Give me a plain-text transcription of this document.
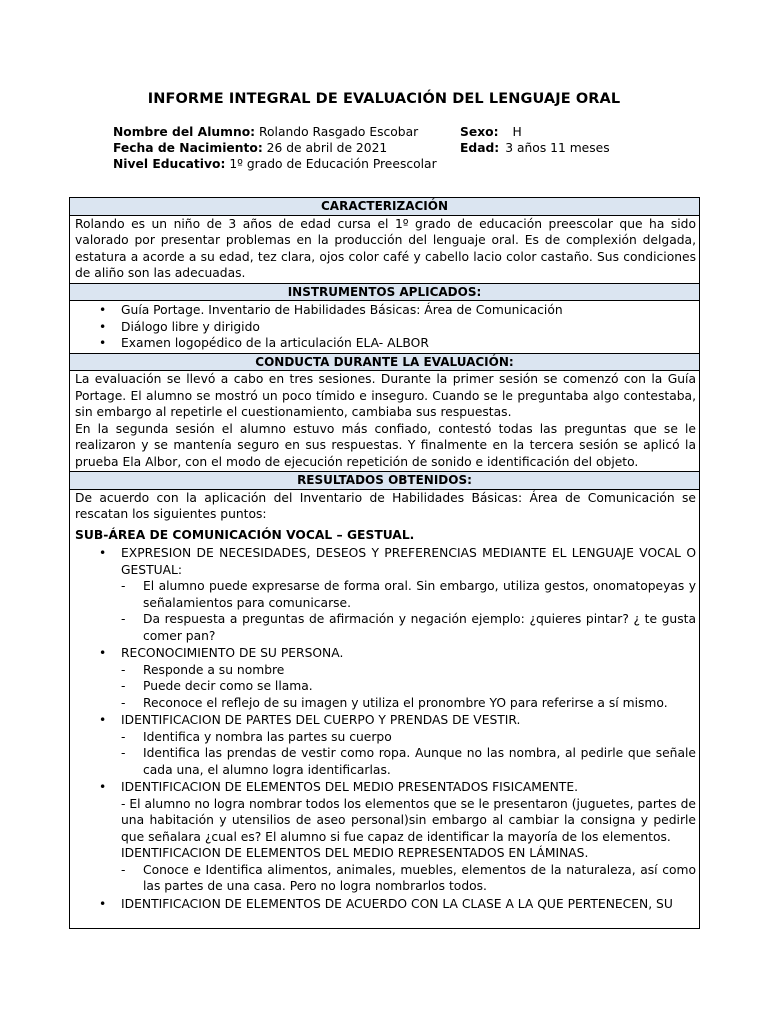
INFORME INTEGRAL DE EVALUACIÓN DEL LENGUAJE ORAL
Nombre del Alumno: Rolando Rasgado Escobar
Fecha de Nacimiento: 26 de abril de 2021
Nivel Educativo: 1º grado de Educación Preescolar
Sexo: H
Edad: 3 años 11 meses
CARACTERIZACIÓN

Rolando es un niño de 3 años de edad cursa el 1º grado de educación preescolar que ha sido valorado por presentar problemas en la producción del lenguaje oral. Es de complexión delgada, estatura a acorde a su edad, tez clara, ojos color café y cabello lacio color castaño. Sus condiciones de aliño son las adecuadas.

INSTRUMENTOS APLICADOS:
• Guía Portage. Inventario de Habilidades Básicas: Área de Comunicación
• Diálogo libre y dirigido
• Examen logopédico de la articulación ELA- ALBOR
CONDUCTA DURANTE LA EVALUACIÓN:

La evaluación se llevó a cabo en tres sesiones. Durante la primer sesión se comenzó con la Guía Portage. El alumno se mostró un poco tímido e inseguro. Cuando se le preguntaba algo contestaba, sin embargo al repetirle el cuestionamiento, cambiaba sus respuestas.

En la segunda sesión el alumno estuvo más confiado, contestó todas las preguntas que se le realizaron y se mantenía seguro en sus respuestas. Y finalmente en la tercera sesión se aplicó la prueba Ela Albor, con el modo de ejecución repetición de sonido e identificación del objeto.

RESULTADOS OBTENIDOS:

De acuerdo con la aplicación del Inventario de Habilidades Básicas: Área de Comunicación se rescatan los siguientes puntos:

SUB-ÁREA DE COMUNICACIÓN VOCAL – GESTUAL.
• EXPRESION DE NECESIDADES, DESEOS Y PREFERENCIAS MEDIANTE EL LENGUAJE VOCAL O GESTUAL:
- El alumno puede expresarse de forma oral. Sin embargo, utiliza gestos, onomatopeyas y señalamientos para comunicarse.
- Da respuesta a preguntas de afirmación y negación ejemplo: ¿quieres pintar? ¿ te gusta comer pan?
• RECONOCIMIENTO DE SU PERSONA.
- Responde a su nombre
- Puede decir como se llama.
- Reconoce el reflejo de su imagen y utiliza el pronombre YO para referirse a sí mismo.
• IDENTIFICACION DE PARTES DEL CUERPO Y PRENDAS DE VESTIR.
- Identifica y nombra las partes su cuerpo
- Identifica las prendas de vestir como ropa. Aunque no las nombra, al pedirle que señale cada una, el alumno logra identificarlas.
• IDENTIFICACION DE ELEMENTOS DEL MEDIO PRESENTADOS FISICAMENTE.

- El alumno no logra nombrar todos los elementos que se le presentaron (juguetes, partes de una habitación y utensilios de aseo personal)sin embargo al cambiar la consigna y pedirle que señalara ¿cual es? El alumno si fue capaz de identificar la mayoría de los elementos.

IDENTIFICACION DE ELEMENTOS DEL MEDIO REPRESENTADOS EN LÁMINAS.

- Conoce e Identifica alimentos, animales, muebles, elementos de la naturaleza, así como las partes de una casa. Pero no logra nombrarlos todos.
• IDENTIFICACION DE ELEMENTOS DE ACUERDO CON LA CLASE A LA QUE PERTENECEN, SU
